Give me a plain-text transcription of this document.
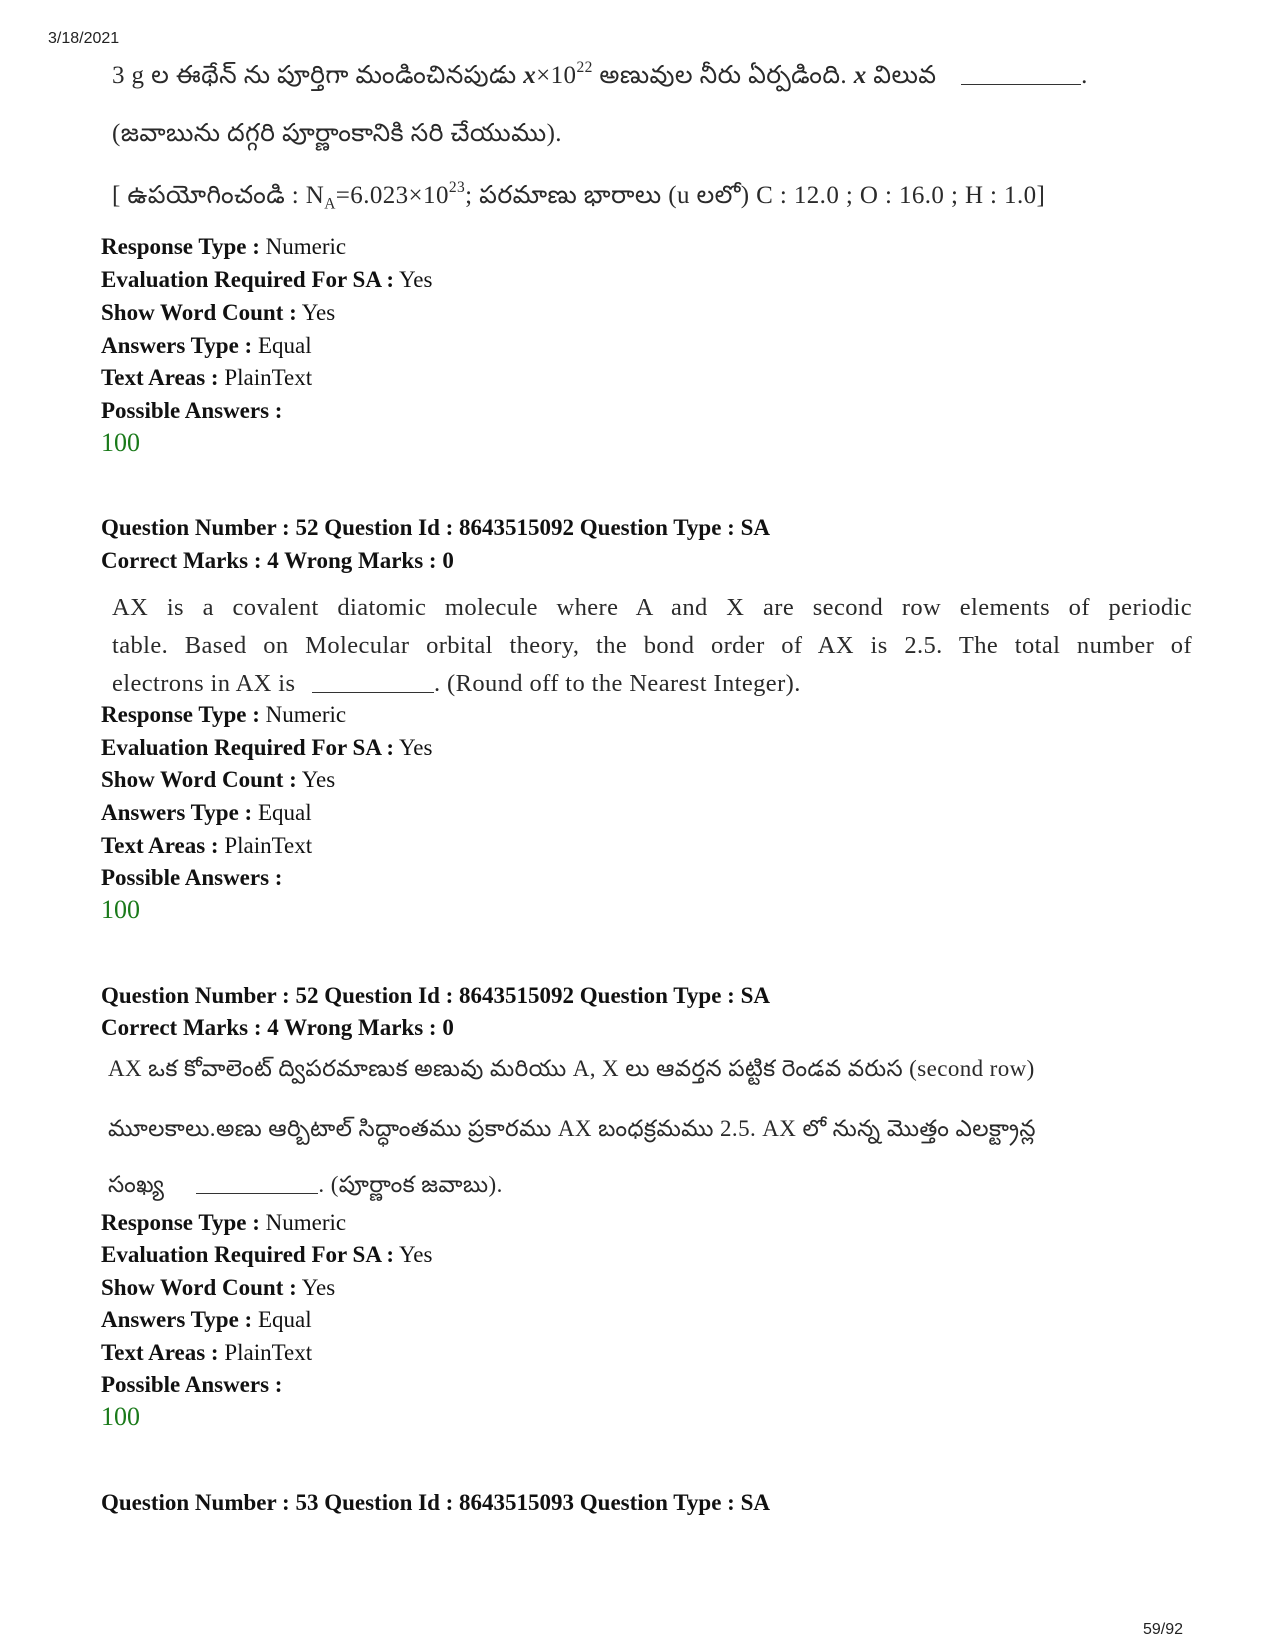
3/18/2021
3 g ల ఈథేన్ ను పూర్తిగా మండించినపుడు $x\times 10^{22}$ అణువుల నీరు ఏర్పడింది. x విలువ	.
(జవాబును దగ్గరి పూర్ణాంకానికి సరి చేయుము).
[ ఉపయోగించండి : $N_A=6.023\times 10^{23}$; పరమాణు భారాలు (u లలో) C : 12.0 ; O : 16.0 ; H : 1.0]
Response Type : Numeric
Evaluation Required For SA : Yes
Show Word Count : Yes
Answers Type : Equal
Text Areas : PlainText
Possible Answers :
100
Question Number : 52 Question Id : 8643515092 Question Type : SA
Correct Marks : 4 Wrong Marks : 0
AX is a covalent diatomic molecule where A and X are second row elements of periodic
table. Based on Molecular orbital theory, the bond order of AX is 2.5. The total number of
electrons in AX is	. (Round off to the Nearest Integer).
Response Type : Numeric
Evaluation Required For SA : Yes
Show Word Count : Yes
Answers Type : Equal
Text Areas : PlainText
Possible Answers :
100
Question Number : 52 Question Id : 8643515092 Question Type : SA
Correct Marks : 4 Wrong Marks : 0
AX ఒక కోవాలెంట్ ద్విపరమాణుక అణువు మరియు A, X లు ఆవర్తన పట్టిక రెండవ వరుస (second row)
మూలకాలు.అణు ఆర్బిటాల్ సిద్ధాంతము ప్రకారము AX బంధక్రమము 2.5. AX లో నున్న మొత్తం ఎలక్ట్రాన్ల
సంఖ్య	. (పూర్ణాంక జవాబు).
Response Type : Numeric
Evaluation Required For SA : Yes
Show Word Count : Yes
Answers Type : Equal
Text Areas : PlainText
Possible Answers :
100
Question Number : 53 Question Id : 8643515093 Question Type : SA
59/92
